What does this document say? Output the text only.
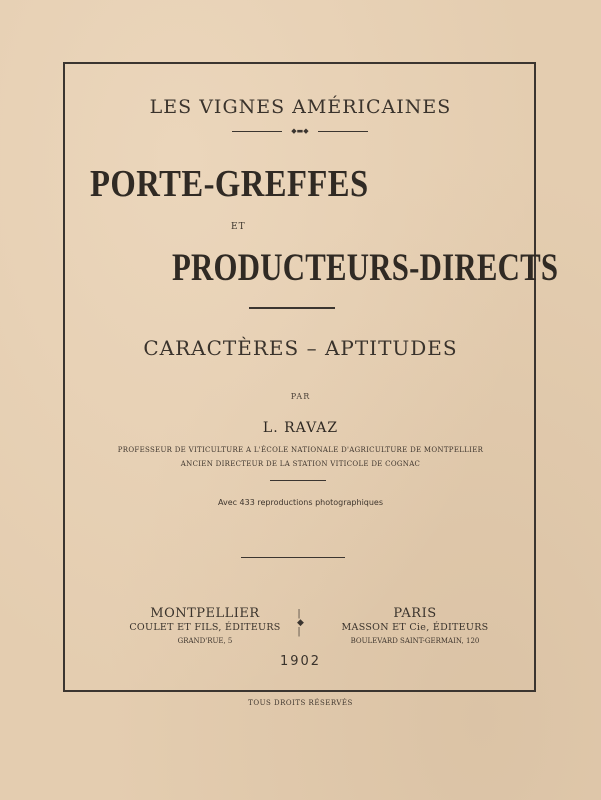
LES VIGNES AMÉRICAINES
◆▬◆
PORTE-GREFFES
ET
PRODUCTEURS-DIRECTS
CARACTÈRES – APTITUDES
PAR
L. RAVAZ
PROFESSEUR DE VITICULTURE A L'ÉCOLE NATIONALE D'AGRICULTURE DE MONTPELLIER
ANCIEN DIRECTEUR DE LA STATION VITICOLE DE COGNAC
Avec 433 reproductions photographiques
MONTPELLIER
COULET ET FILS, ÉDITEURS
GRAND'RUE, 5
|
◆
|
PARIS
MASSON ET Cie, ÉDITEURS
BOULEVARD SAINT-GERMAIN, 120
1902
TOUS DROITS RÉSERVÉS
